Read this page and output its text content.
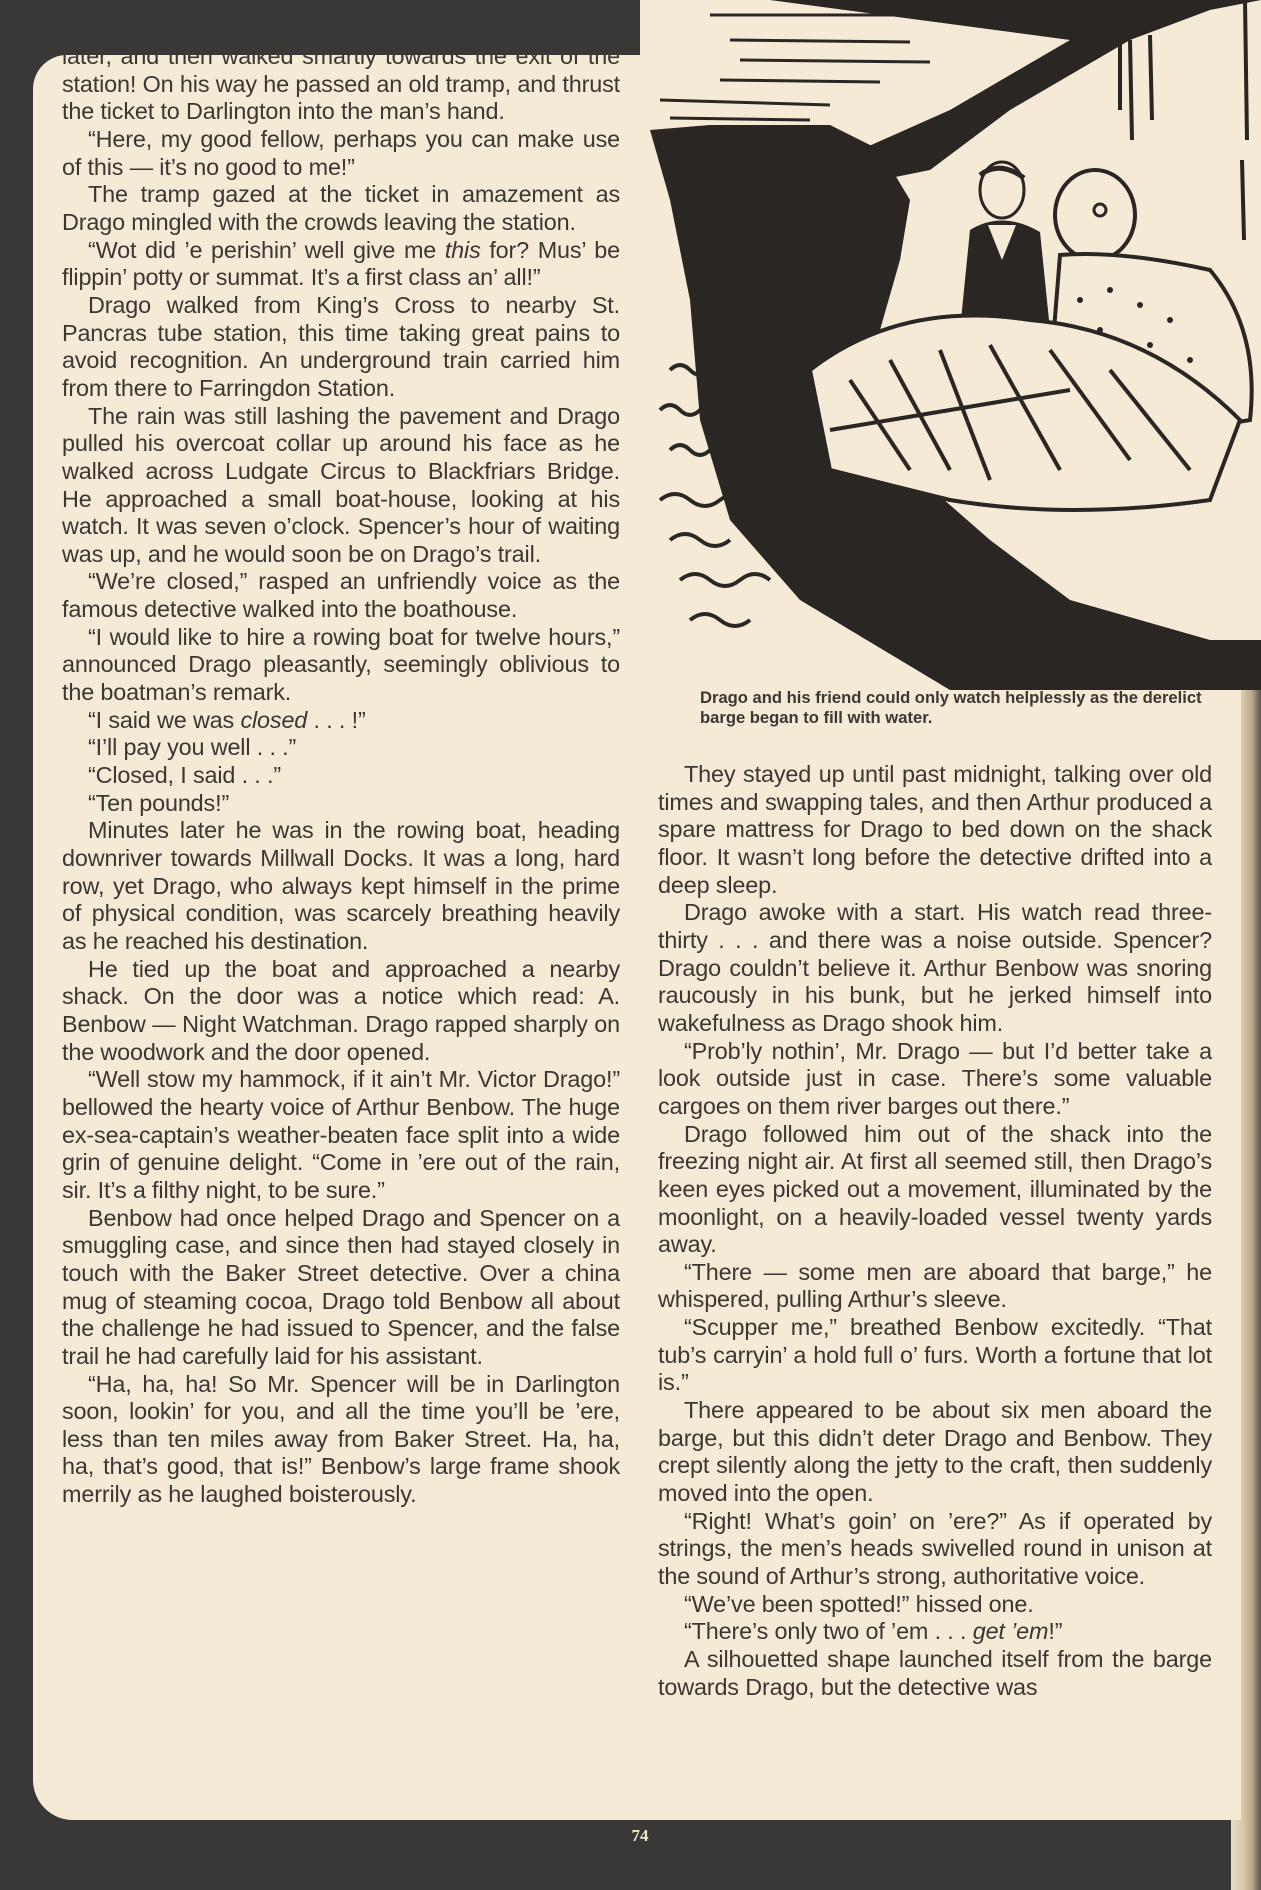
Drago and his friend could only watch helplessly as the derelict barge began to fill with water.

later, and then walked smartly towards the exit of the station! On his way he passed an old tramp, and thrust the ticket to Darlington into the man’s hand.

“Here, my good fellow, perhaps you can make use of this — it’s no good to me!”

The tramp gazed at the ticket in amazement as Drago mingled with the crowds leaving the station.

“Wot did ’e perishin’ well give me this for? Mus’ be flippin’ potty or summat. It’s a first class an’ all!”

Drago walked from King’s Cross to nearby St. Pancras tube station, this time taking great pains to avoid recognition. An underground train carried him from there to Farringdon Station.

The rain was still lashing the pavement and Drago pulled his overcoat collar up around his face as he walked across Ludgate Circus to Blackfriars Bridge. He approached a small boat-house, looking at his watch. It was seven o’clock. Spencer’s hour of waiting was up, and he would soon be on Drago’s trail.

“We’re closed,” rasped an unfriendly voice as the famous detective walked into the boathouse.

“I would like to hire a rowing boat for twelve hours,” announced Drago pleasantly, seemingly oblivious to the boatman’s remark.

“I said we was closed . . . !”

“I’ll pay you well . . .”

“Closed, I said . . .”

“Ten pounds!”

Minutes later he was in the rowing boat, heading downriver towards Millwall Docks. It was a long, hard row, yet Drago, who always kept himself in the prime of physical condition, was scarcely breathing heavily as he reached his destination.

He tied up the boat and approached a nearby shack. On the door was a notice which read: A. Benbow — Night Watchman. Drago rapped sharply on the woodwork and the door opened.

“Well stow my hammock, if it ain’t Mr. Victor Drago!” bellowed the hearty voice of Arthur Benbow. The huge ex-sea-captain’s weather-beaten face split into a wide grin of genuine delight. “Come in ’ere out of the rain, sir. It’s a filthy night, to be sure.”

Benbow had once helped Drago and Spencer on a smuggling case, and since then had stayed closely in touch with the Baker Street detective. Over a china mug of steaming cocoa, Drago told Benbow all about the challenge he had issued to Spencer, and the false trail he had carefully laid for his assistant.

“Ha, ha, ha! So Mr. Spencer will be in Darlington soon, lookin’ for you, and all the time you’ll be ’ere, less than ten miles away from Baker Street. Ha, ha, ha, that’s good, that is!” Benbow’s large frame shook merrily as he laughed boisterously.

They stayed up until past midnight, talking over old times and swapping tales, and then Arthur produced a spare mattress for Drago to bed down on the shack floor. It wasn’t long before the detective drifted into a deep sleep.

Drago awoke with a start. His watch read three-thirty . . . and there was a noise outside. Spencer? Drago couldn’t believe it. Arthur Benbow was snoring raucously in his bunk, but he jerked himself into wakefulness as Drago shook him.

“Prob’ly nothin’, Mr. Drago — but I’d better take a look outside just in case. There’s some valuable cargoes on them river barges out there.”

Drago followed him out of the shack into the freezing night air. At first all seemed still, then Drago’s keen eyes picked out a movement, illuminated by the moonlight, on a heavily-loaded vessel twenty yards away.

“There — some men are aboard that barge,” he whispered, pulling Arthur’s sleeve.

“Scupper me,” breathed Benbow excitedly. “That tub’s carryin’ a hold full o’ furs. Worth a fortune that lot is.”

There appeared to be about six men aboard the barge, but this didn’t deter Drago and Benbow. They crept silently along the jetty to the craft, then suddenly moved into the open.

“Right! What’s goin’ on ’ere?” As if operated by strings, the men’s heads swivelled round in unison at the sound of Arthur’s strong, authoritative voice.

“We’ve been spotted!” hissed one.

“There’s only two of ’em . . . get ’em!”

A silhouetted shape launched itself from the barge towards Drago, but the detective was

74
